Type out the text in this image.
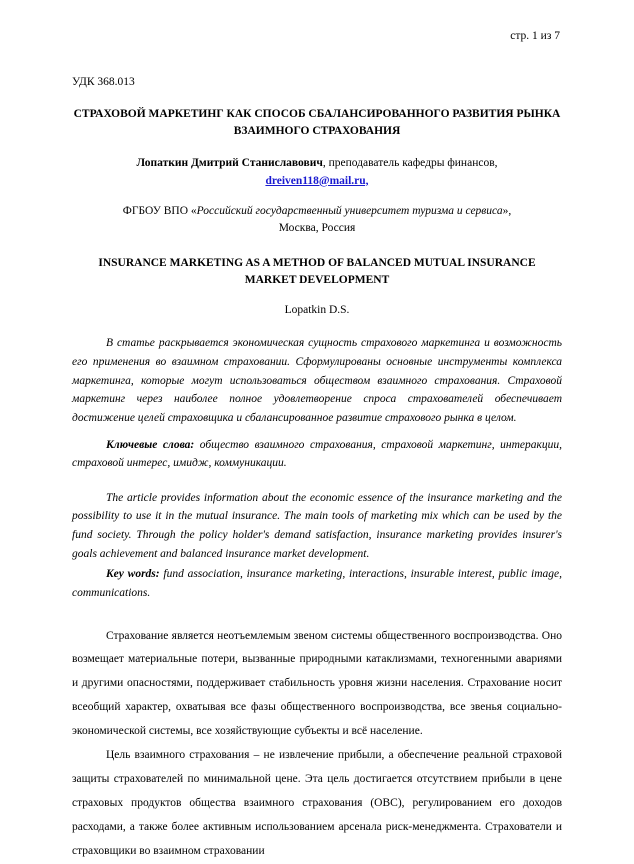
стр. 1 из 7
УДК 368.013
СТРАХОВОЙ МАРКЕТИНГ КАК СПОСОБ СБАЛАНСИРОВАННОГО РАЗВИТИЯ РЫНКА ВЗАИМНОГО СТРАХОВАНИЯ
Лопаткин Дмитрий Станиславович, преподаватель кафедры финансов,
dreiven118@mail.ru,
ФГБОУ ВПО «Российский государственный университет туризма и сервиса»,
Москва, Россия
INSURANCE MARKETING AS A METHOD OF BALANCED MUTUAL INSURANCE MARKET DEVELOPMENT
Lopatkin D.S.
В статье раскрывается экономическая сущность страхового маркетинга и возможность его применения во взаимном страховании. Сформулированы основные инструменты комплекса маркетинга, которые могут использоваться обществом взаимного страхования. Страховой маркетинг через наиболее полное удовлетворение спроса страхователей обеспечивает достижение целей страховщика и сбалансированное развитие страхового рынка в целом.
Ключевые слова: общество взаимного страхования, страховой маркетинг, интеракции, страховой интерес, имидж, коммуникации.
The article provides information about the economic essence of the insurance marketing and the possibility to use it in the mutual insurance. The main tools of marketing mix which can be used by the fund society. Through the policy holder's demand satisfaction, insurance marketing provides insurer's goals achievement and balanced insurance market development.
Key words: fund association, insurance marketing, interactions, insurable interest, public image, communications.

Страхование является неотъемлемым звеном системы общественного воспроизводства. Оно возмещает материальные потери, вызванные природными катаклизмами, техногенными авариями и другими опасностями, поддерживает стабильность уровня жизни населения. Страхование носит всеобщий характер, охватывая все фазы общественного воспроизводства, все звенья социально-экономической системы, все хозяйствующие субъекты и всё население.

Цель взаимного страхования – не извлечение прибыли, а обеспечение реальной страховой защиты страхователей по минимальной цене. Эта цель достигается отсутствием прибыли в цене страховых продуктов общества взаимного страхования (ОВС), регулированием его доходов расходами, а также более активным использованием арсенала риск-менеджмента. Страхователи и страховщики во взаимном страховании
